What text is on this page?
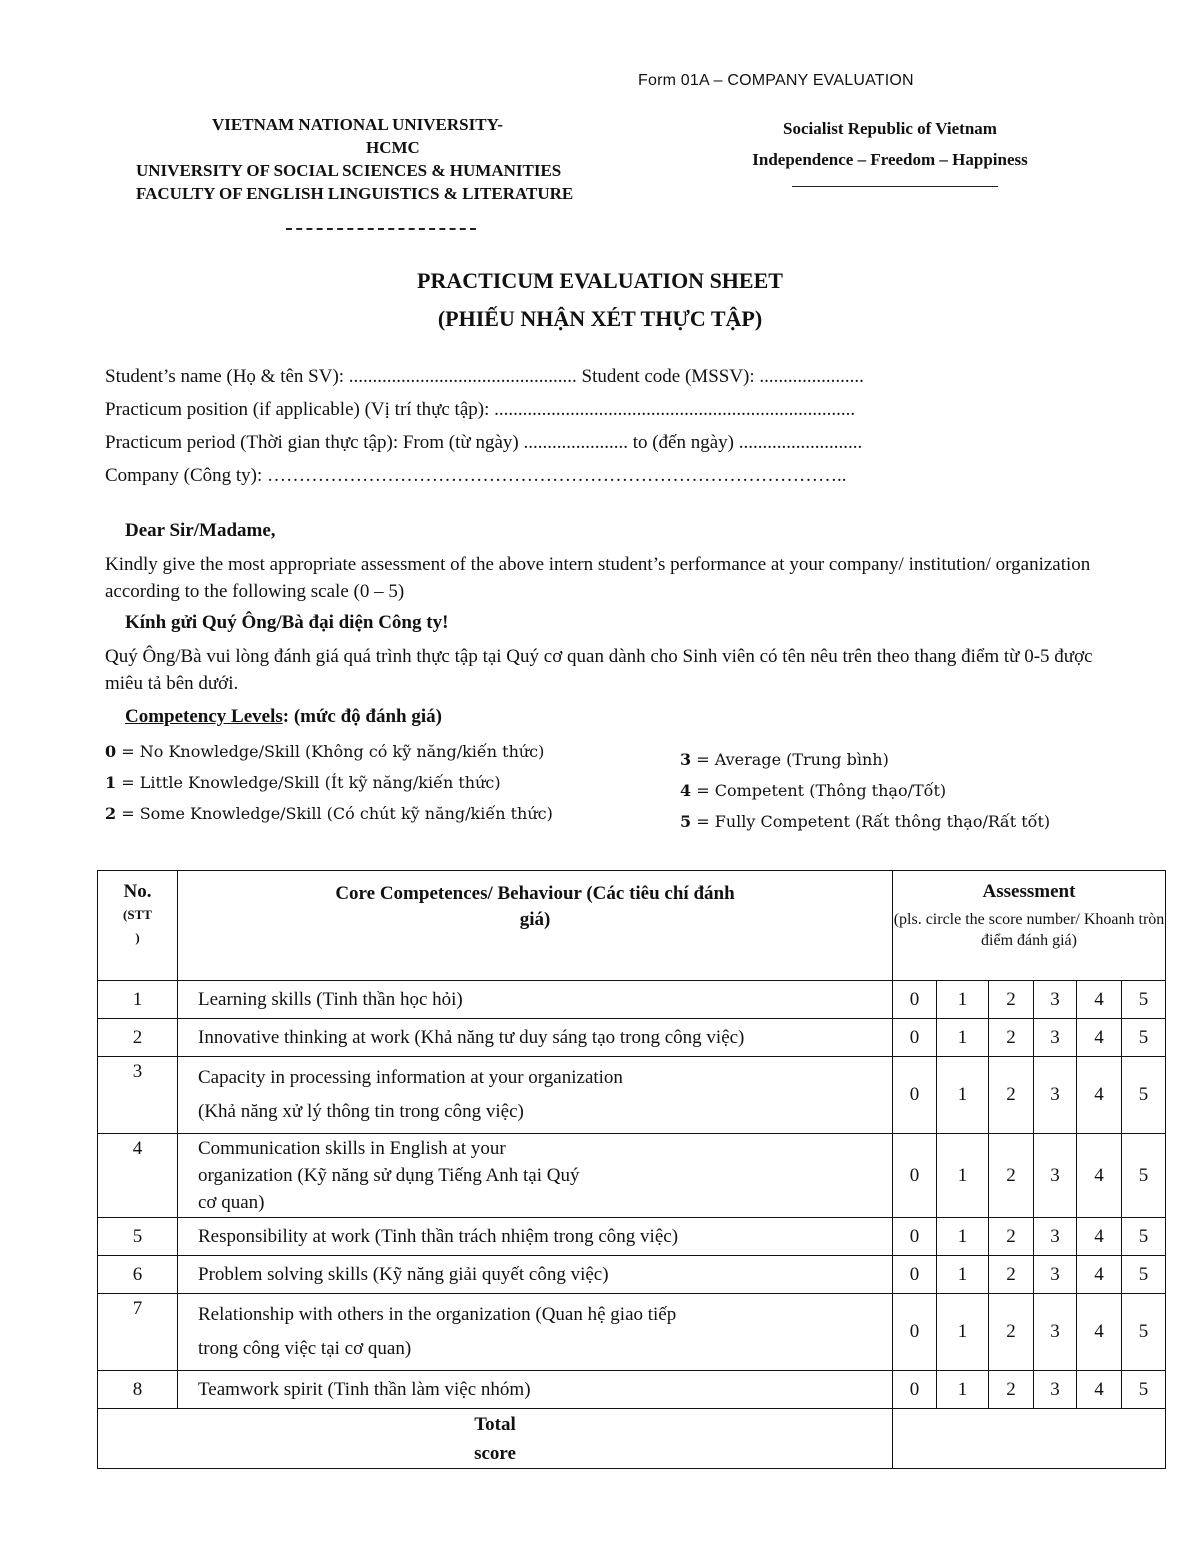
Form 01A – COMPANY EVALUATION
VIETNAM NATIONAL UNIVERSITY-
HCMC
UNIVERSITY OF SOCIAL SCIENCES & HUMANITIES
FACULTY OF ENGLISH LINGUISTICS & LITERATURE
Socialist Republic of Vietnam
Independence – Freedom – Happiness
PRACTICUM EVALUATION SHEET
(PHIẾU NHẬN XÉT THỰC TẬP)
Student’s name (Họ & tên SV): ................................................ Student code (MSSV): ......................
Practicum position (if applicable) (Vị trí thực tập): ............................................................................
Practicum period (Thời gian thực tập): From (từ ngày) ...................... to (đến ngày) ..........................
Company (Công ty): ………………………………………………………………………………..
Dear Sir/Madame,
Kindly give the most appropriate assessment of the above intern student’s performance at your company/ institution/ organization according to the following scale (0 – 5)
Kính gửi Quý Ông/Bà đại diện Công ty!
Quý Ông/Bà vui lòng đánh giá quá trình thực tập tại Quý cơ quan dành cho Sinh viên có tên nêu trên theo thang điểm từ 0-5 được miêu tả bên dưới.
Competency Levels: (mức độ đánh giá)
0 = No Knowledge/Skill (Không có kỹ năng/kiến thức)
1 = Little Knowledge/Skill (Ít kỹ năng/kiến thức)
2 = Some Knowledge/Skill (Có chút kỹ năng/kiến thức)
3 = Average (Trung bình)
4 = Competent (Thông thạo/Tốt)
5 = Fully Competent (Rất thông thạo/Rất tốt)
No.
(STT
)	Core Competences/ Behaviour (Các tiêu chí đánh
giá)	Assessment
(pls. circle the score number/ Khoanh tròn điểm đánh giá)					

1	Learning skills (Tinh thần học hỏi)	0	1	2	3	4	5
2	Innovative thinking at work (Khả năng tư duy sáng tạo trong công việc)	0	1	2	3	4	5
3	Capacity in processing information at your organization
(Khả năng xử lý thông tin trong công việc)	0	1	2	3	4	5
4	Communication skills in English at your
organization (Kỹ năng sử dụng Tiếng Anh tại Quý
cơ quan)	0	1	2	3	4	5
5	Responsibility at work (Tinh thần trách nhiệm trong công việc)	0	1	2	3	4	5
6	Problem solving skills (Kỹ năng giải quyết công việc)	0	1	2	3	4	5
7	Relationship with others in the organization (Quan hệ giao tiếp
trong công việc tại cơ quan)	0	1	2	3	4	5
8	Teamwork spirit (Tinh thần làm việc nhóm)	0	1	2	3	4	5

Total
score							
